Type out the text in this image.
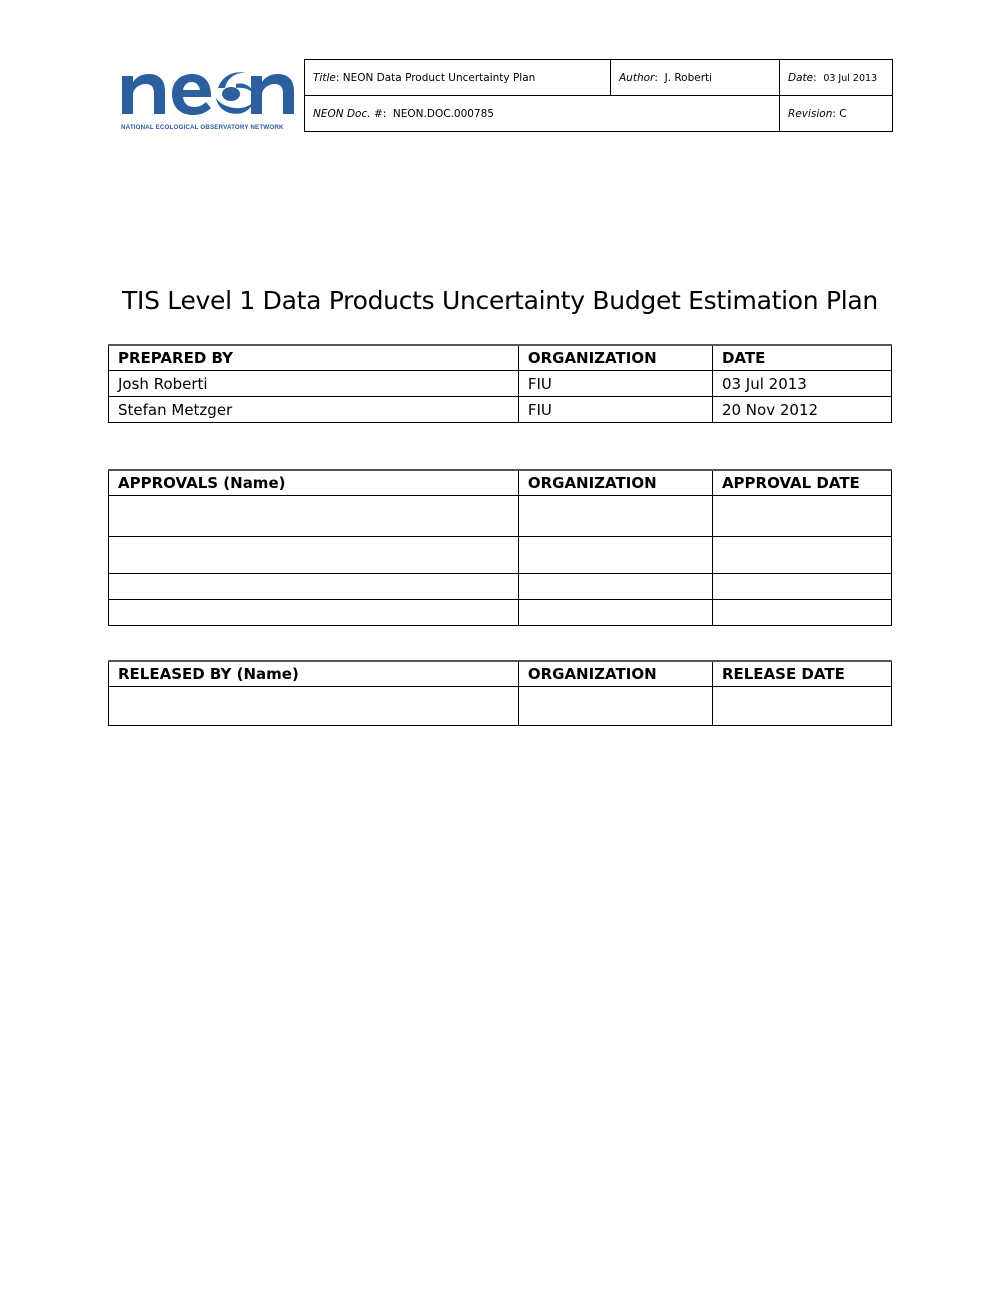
NATIONAL ECOLOGICAL OBSERVATORY NETWORK
Title: NEON Data Product Uncertainty Plan	Author:  J. Roberti	Date:  03 Jul 2013
NEON Doc. #:  NEON.DOC.000785		Revision: C
TIS Level 1 Data Products Uncertainty Budget Estimation Plan
PREPARED BY	ORGANIZATION	DATE
Josh Roberti	FIU	03 Jul 2013
Stefan Metzger	FIU	20 Nov 2012
APPROVALS (Name)	ORGANIZATION	APPROVAL DATE

RELEASED BY (Name)	ORGANIZATION	RELEASE DATE
